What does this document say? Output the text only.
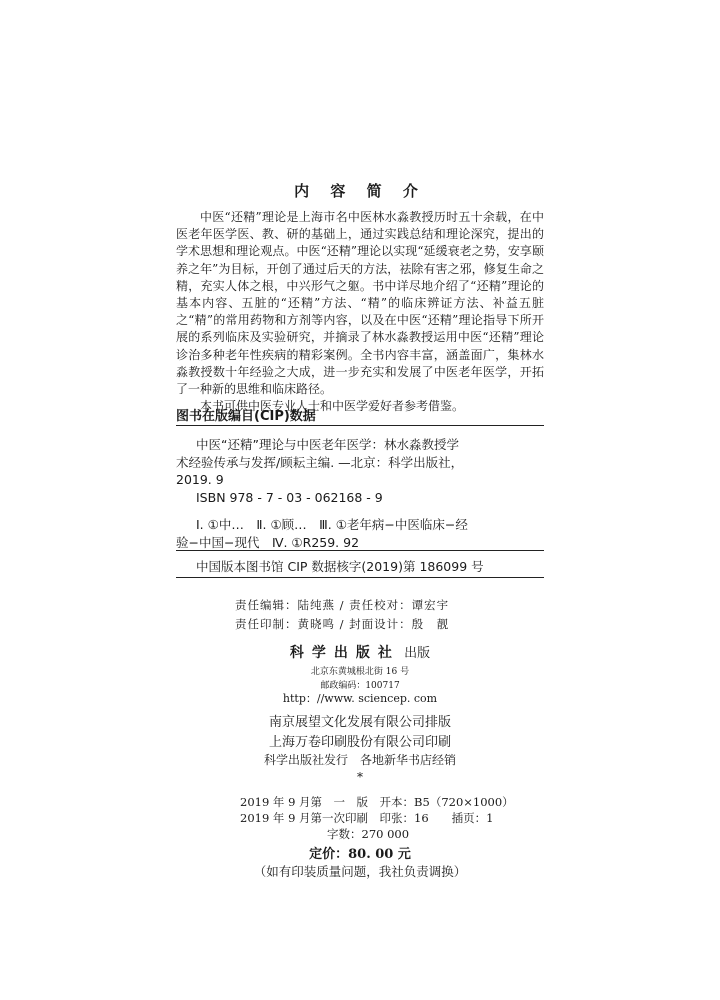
内 容 简 介

中医“还精”理论是上海市名中医林水淼教授历时五十余载，在中医老年医学医、教、研的基础上，通过实践总结和理论深究，提出的学术思想和理论观点。中医“还精”理论以实现“延缓衰老之势，安享颐养之年”为目标，开创了通过后天的方法，祛除有害之邪，修复生命之精，充实人体之根，中兴形气之躯。书中详尽地介绍了“还精”理论的基本内容、五脏的“还精”方法、“精”的临床辨证方法、补益五脏之“精”的常用药物和方剂等内容，以及在中医“还精”理论指导下所开展的系列临床及实验研究，并摘录了林水淼教授运用中医“还精”理论诊治多种老年性疾病的精彩案例。全书内容丰富，涵盖面广，集林水淼教授数十年经验之大成，进一步充实和发展了中医老年医学，开拓了一种新的思维和临床路径。

本书可供中医专业人士和中医学爱好者参考借鉴。

图书在版编目(CIP)数据
中医“还精”理论与中医老年医学：林水淼教授学
术经验传承与发挥/顾耘主编. —北京：科学出版社，
2019. 9
ISBN 978 - 7 - 03 - 062168 - 9
Ⅰ. ①中…　Ⅱ. ①顾…　Ⅲ. ①老年病−中医临床−经
验−中国−现代　Ⅳ. ①R259. 92
中国版本图书馆 CIP 数据核字(2019)第 186099 号
责任编辑：陆纯燕 / 责任校对：谭宏宇
责任印制：黄晓鸣 / 封面设计：殷　靓
科学出版社 出版
北京东黄城根北街 16 号
邮政编码：100717
http：//www. sciencep. com
南京展望文化发展有限公司排版
上海万卷印刷股份有限公司印刷
科学出版社发行　各地新华书店经销
*
2019 年 9 月第　一　版　开本：B5（720×1000）
2019 年 9 月第一次印刷　印张：16　　插页：1
字数：270 000
定价：80. 00 元
（如有印装质量问题，我社负责调换）
